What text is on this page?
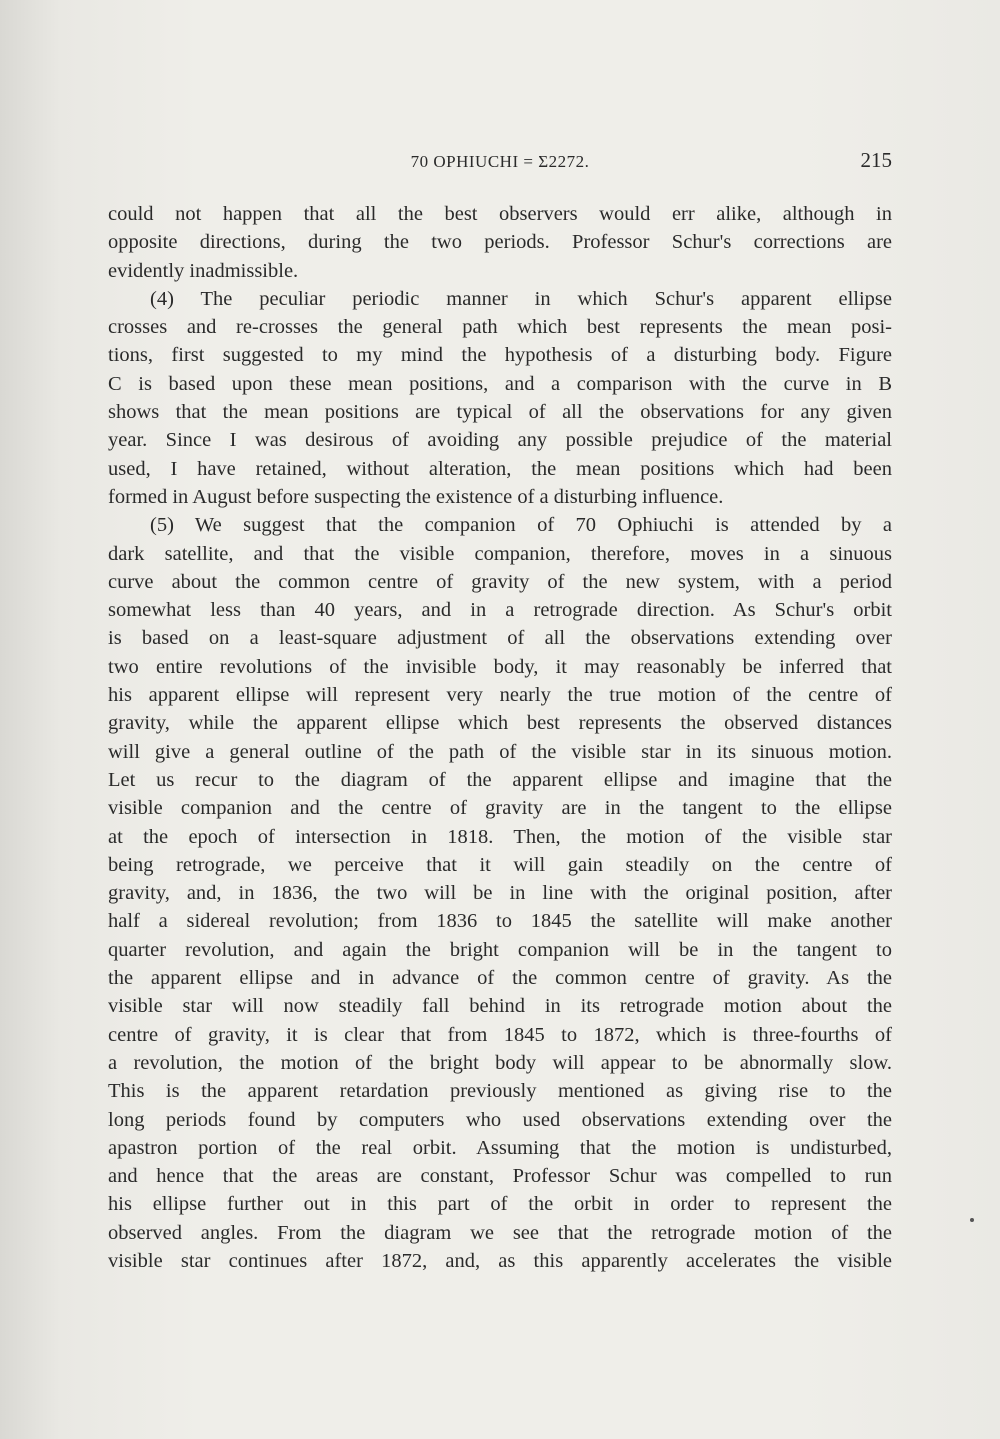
70 OPHIUCHI = Σ2272.	215
could not happen that all the best observers would err alike, although in
opposite directions, during the two periods. Professor Schur's corrections are
evidently inadmissible.
(4) The peculiar periodic manner in which Schur's apparent ellipse
crosses and re-crosses the general path which best represents the mean posi-
tions, first suggested to my mind the hypothesis of a disturbing body. Figure
C is based upon these mean positions, and a comparison with the curve in B
shows that the mean positions are typical of all the observations for any given
year. Since I was desirous of avoiding any possible prejudice of the material
used, I have retained, without alteration, the mean positions which had been
formed in August before suspecting the existence of a disturbing influence.
(5) We suggest that the companion of 70 Ophiuchi is attended by a
dark satellite, and that the visible companion, therefore, moves in a sinuous
curve about the common centre of gravity of the new system, with a period
somewhat less than 40 years, and in a retrograde direction. As Schur's orbit
is based on a least-square adjustment of all the observations extending over
two entire revolutions of the invisible body, it may reasonably be inferred that
his apparent ellipse will represent very nearly the true motion of the centre of
gravity, while the apparent ellipse which best represents the observed distances
will give a general outline of the path of the visible star in its sinuous motion.
Let us recur to the diagram of the apparent ellipse and imagine that the
visible companion and the centre of gravity are in the tangent to the ellipse
at the epoch of intersection in 1818. Then, the motion of the visible star
being retrograde, we perceive that it will gain steadily on the centre of
gravity, and, in 1836, the two will be in line with the original position, after
half a sidereal revolution; from 1836 to 1845 the satellite will make another
quarter revolution, and again the bright companion will be in the tangent to
the apparent ellipse and in advance of the common centre of gravity. As the
visible star will now steadily fall behind in its retrograde motion about the
centre of gravity, it is clear that from 1845 to 1872, which is three-fourths of
a revolution, the motion of the bright body will appear to be abnormally slow.
This is the apparent retardation previously mentioned as giving rise to the
long periods found by computers who used observations extending over the
apastron portion of the real orbit. Assuming that the motion is undisturbed,
and hence that the areas are constant, Professor Schur was compelled to run
his ellipse further out in this part of the orbit in order to represent the
observed angles. From the diagram we see that the retrograde motion of the
visible star continues after 1872, and, as this apparently accelerates the visible
